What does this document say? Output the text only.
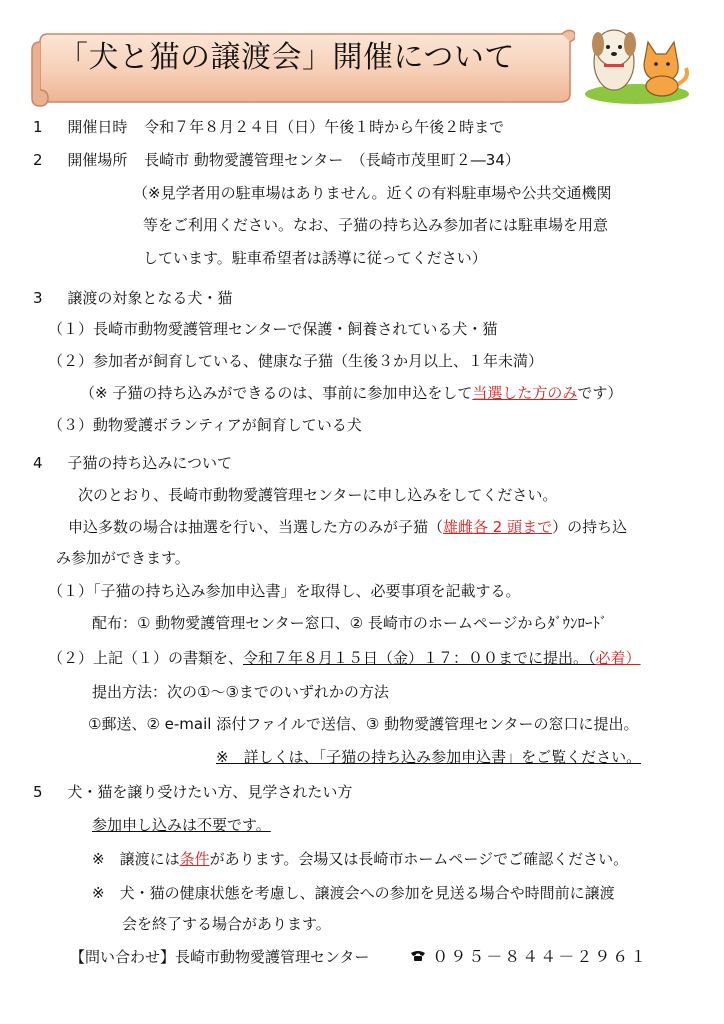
「犬と猫の譲渡会」開催について
1 開催日時 令和７年８月２４日（日）午後１時から午後２時まで
2 開催場所 長崎市 動物愛護管理センター　（長崎市茂里町２―34）
（※見学者用の駐車場はありません。近くの有料駐車場や公共交通機関
等をご利用ください。なお、子猫の持ち込み参加者には駐車場を用意
しています。駐車希望者は誘導に従ってください）
3 譲渡の対象となる犬・猫
（１）長崎市動物愛護管理センターで保護・飼養されている犬・猫
（２）参加者が飼育している、健康な子猫（生後３か月以上、１年未満）
（※ 子猫の持ち込みができるのは、事前に参加申込をして当選した方のみです）
（３）動物愛護ボランティアが飼育している犬
4 子猫の持ち込みについて
次のとおり、長崎市動物愛護管理センターに申し込みをしてください。
申込多数の場合は抽選を行い、当選した方のみが子猫（雄雌各 2 頭まで）の持ち込
み参加ができます。
（１）「子猫の持ち込み参加申込書」を取得し、必要事項を記載する。
配布：① 動物愛護管理センター窓口、② 長崎市のホームページからﾀﾞｳﾝﾛｰﾄﾞ
（２）上記（１）の書類を、令和７年８月１５日（金）１７：００までに提出。（必着）
提出方法：次の①～③までのいずれかの方法
①郵送、② e-mail 添付ファイルで送信、③ 動物愛護管理センターの窓口に提出。
※　詳しくは、「子猫の持ち込み参加申込書」をご覧ください。
5 犬・猫を譲り受けたい方、見学されたい方
参加申し込みは不要です。
※　譲渡には条件があります。会場又は長崎市ホームページでご確認ください。
※　犬・猫の健康状態を考慮し、譲渡会への参加を見送る場合や時間前に譲渡
会を終了する場合があります。
【問い合わせ】長崎市動物愛護管理センター	０９５－８４４－２９６１
